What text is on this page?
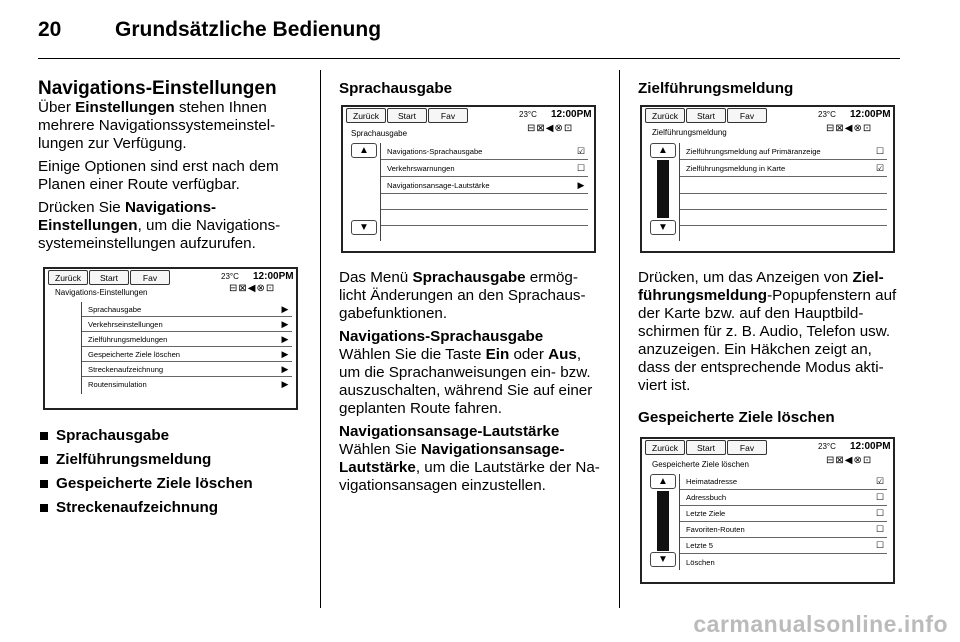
20	Grundsätzliche Bedienung
Navigations-Einstellungen

Über Einstellungen stehen Ihnen mehrere Navigationssystemeinstel-lungen zur Verfügung.

Einige Optionen sind erst nach dem Planen einer Route verfügbar.

Drücken Sie Navigations-Einstellungen, um die Navigations-systemeinstellungen aufzurufen.

Zurück	Start	Fav	23°C 12:00PM
Navigations-Einstellungen	⊟⊠◀⊗⊡
Sprachausgabe	▶
Verkehrseinstellungen	▶
Zielführungsmeldungen	▶
Gespeicherte Ziele löschen	▶
Streckenaufzeichnung	▶
Routensimulation	▶
Sprachausgabe
Zielführungsmeldung
Gespeicherte Ziele löschen
Streckenaufzeichnung
Sprachausgabe
Zurück	Start	Fav	23°C 12:00PM
Sprachausgabe	⊟⊠◀⊗⊡
▲
▼
Navigations-Sprachausgabe	☑
Verkehrswarnungen	☐
Navigationsansage-Lautstärke	▶

Das Menü Sprachausgabe ermög-licht Änderungen an den Sprachaus-gabefunktionen.

Navigations-Sprachausgabe

Wählen Sie die Taste Ein oder Aus, um die Sprachanweisungen ein- bzw. auszuschalten, während Sie auf einer geplanten Route fahren.

Navigationsansage-Lautstärke

Wählen Sie Navigationsansage-Lautstärke, um die Lautstärke der Na-vigationsansagen einzustellen.

Zielführungsmeldung
Zurück	Start	Fav	23°C 12:00PM
Zielführungsmeldung	⊟⊠◀⊗⊡
▲
▼
Zielführungsmeldung auf Primäranzeige	☐
Zielführungsmeldung in Karte	☑

Drücken, um das Anzeigen von Ziel-führungsmeldung-Popupfenstern auf der Karte bzw. auf den Hauptbild-schirmen für z. B. Audio, Telefon usw. anzuzeigen. Ein Häkchen zeigt an, dass der entsprechende Modus akti-viert ist.

Gespeicherte Ziele löschen

Zurück	Start	Fav	23°C 12:00PM
Gespeicherte Ziele löschen	⊟⊠◀⊗⊡
▲
▼
Heimatadresse	☑
Adressbuch	☐
Letzte Ziele	☐
Favoriten-Routen	☐
Letzte 5	☐
Löschen
carmanualsonline.info
